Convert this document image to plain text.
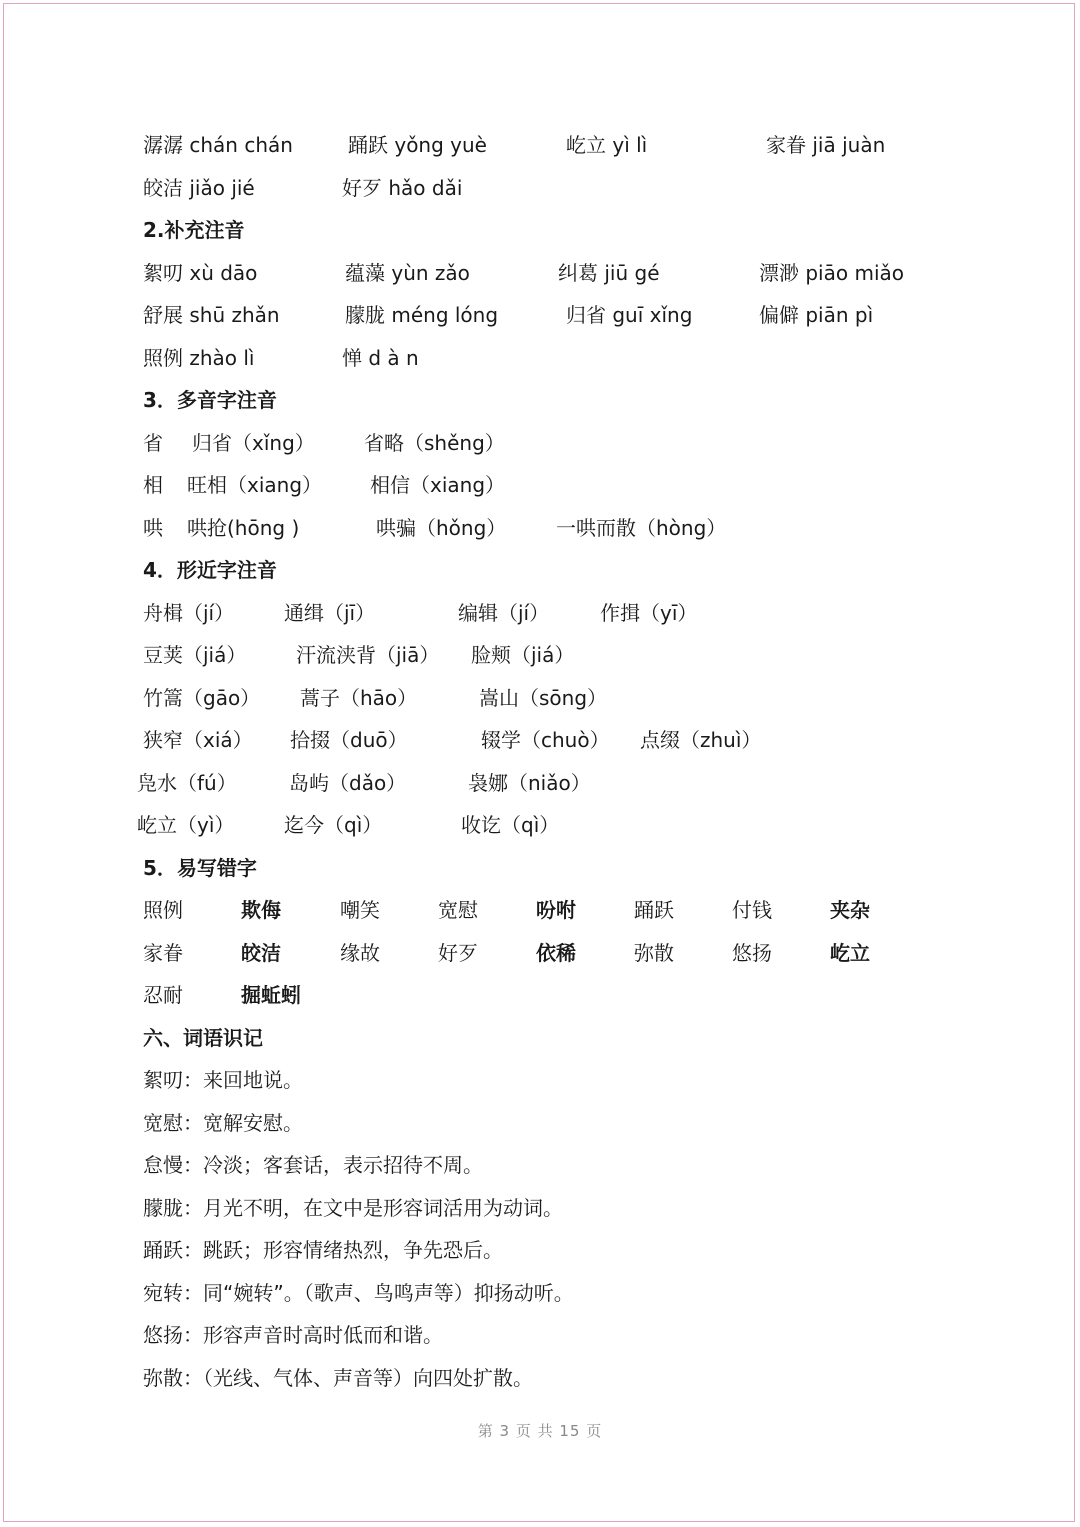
潺潺 chán chán	踊跃 yǒng yuè	屹立 yì lì	家眷 jiā juàn
皎洁 jiǎo jié	好歹 hǎo dǎi
2.补充注音
絮叨 xù dāo	蕴藻 yùn zǎo	纠葛 jiū gé	漂渺 piāo miǎo
舒展 shū zhǎn	朦胧 méng lóng	归省 guī xǐng	偏僻 piān pì
照例 zhào lì	惮 d à n
3．多音字注音
省 归省（xǐng） 省略（shěng）
相 旺相（xiang） 相信（xiang）
哄 哄抢(hōng )	哄骗（hǒng） 一哄而散（hòng）
4．形近字注音
舟楫（jí） 通缉（jī）	编辑（jí）	作揖（yī）
豆荚（jiá） 汗流浃背（jiā） 脸颊（jiá）
竹篙（gāo） 蒿子（hāo）	嵩山（sōng）
狭窄（xiá） 拾掇（duō）	辍学（chuò） 点缀（zhuì）
凫水（fú）	岛屿（dǎo）	袅娜（niǎo）
屹立（yì） 迄今（qì）	收讫（qì）
5．易写错字
照例	欺侮	嘲笑	宽慰	吩咐	踊跃	付钱	夹杂
家眷	皎洁	缘故	好歹	依稀	弥散	悠扬	屹立
忍耐	掘蚯蚓
六、词语识记
絮叨：来回地说。
宽慰：宽解安慰。
怠慢：冷淡；客套话，表示招待不周。
朦胧：月光不明，在文中是形容词活用为动词。
踊跃：跳跃；形容情绪热烈，争先恐后。
宛转：同“婉转”。（歌声、鸟鸣声等）抑扬动听。
悠扬：形容声音时高时低而和谐。
弥散：（光线、气体、声音等）向四处扩散。
第 3 页 共 15 页
